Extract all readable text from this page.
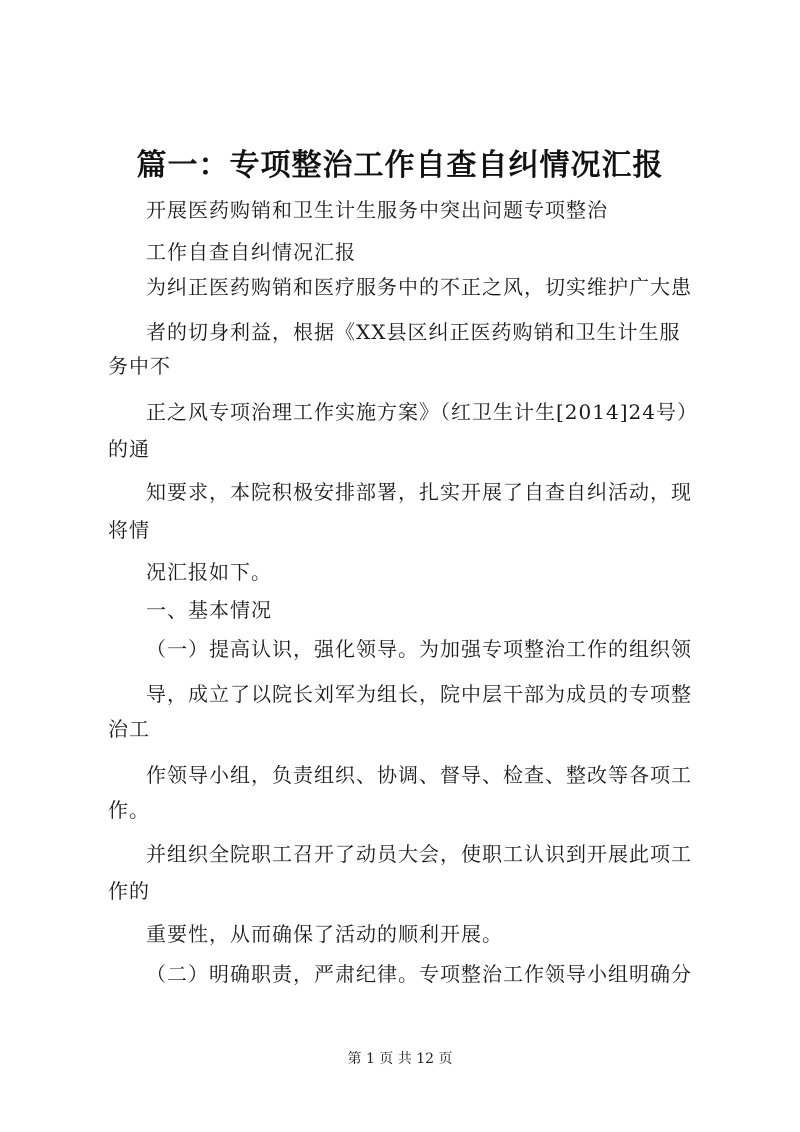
篇一：专项整治工作自查自纠情况汇报

开展医药购销和卫生计生服务中突出问题专项整治

工作自查自纠情况汇报

为纠正医药购销和医疗服务中的不正之风，切实维护广大患

者的切身利益，根据《XX县区纠正医药购销和卫生计生服

务中不

正之风专项治理工作实施方案》（红卫生计生[2014]24号）

的通

知要求，本院积极安排部署，扎实开展了自查自纠活动，现

将情

况汇报如下。

一、基本情况

（一）提高认识，强化领导。为加强专项整治工作的组织领

导，成立了以院长刘军为组长，院中层干部为成员的专项整

治工

作领导小组，负责组织、协调、督导、检查、整改等各项工

作。

并组织全院职工召开了动员大会，使职工认识到开展此项工

作的

重要性，从而确保了活动的顺利开展。

（二）明确职责，严肃纪律。专项整治工作领导小组明确分

第 1 页 共 12 页
